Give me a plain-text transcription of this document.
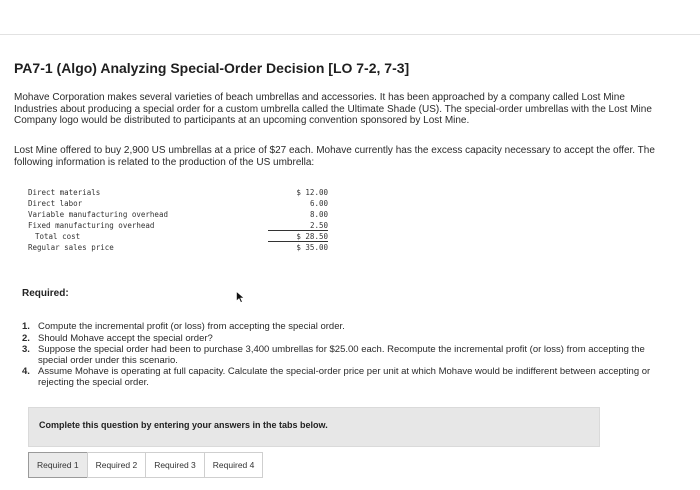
PA7-1 (Algo) Analyzing Special-Order Decision [LO 7-2, 7-3]
Mohave Corporation makes several varieties of beach umbrellas and accessories. It has been approached by a company called Lost Mine Industries about producing a special order for a custom umbrella called the Ultimate Shade (US). The special-order umbrellas with the Lost Mine Company logo would be distributed to participants at an upcoming convention sponsored by Lost Mine.
Lost Mine offered to buy 2,900 US umbrellas at a price of $27 each. Mohave currently has the excess capacity necessary to accept the offer. The following information is related to the production of the US umbrella:
Direct materials	$ 12.00
Direct labor	6.00
Variable manufacturing overhead	8.00
Fixed manufacturing overhead	2.50
Total cost	$ 28.50
Regular sales price	$ 35.00
Required:
1. Compute the incremental profit (or loss) from accepting the special order.
2. Should Mohave accept the special order?
3. Suppose the special order had been to purchase 3,400 umbrellas for $25.00 each. Recompute the incremental profit (or loss) from accepting the special order under this scenario.
4. Assume Mohave is operating at full capacity. Calculate the special-order price per unit at which Mohave would be indifferent between accepting or rejecting the special order.
Complete this question by entering your answers in the tabs below.
Required 1	Required 2	Required 3	Required 4
